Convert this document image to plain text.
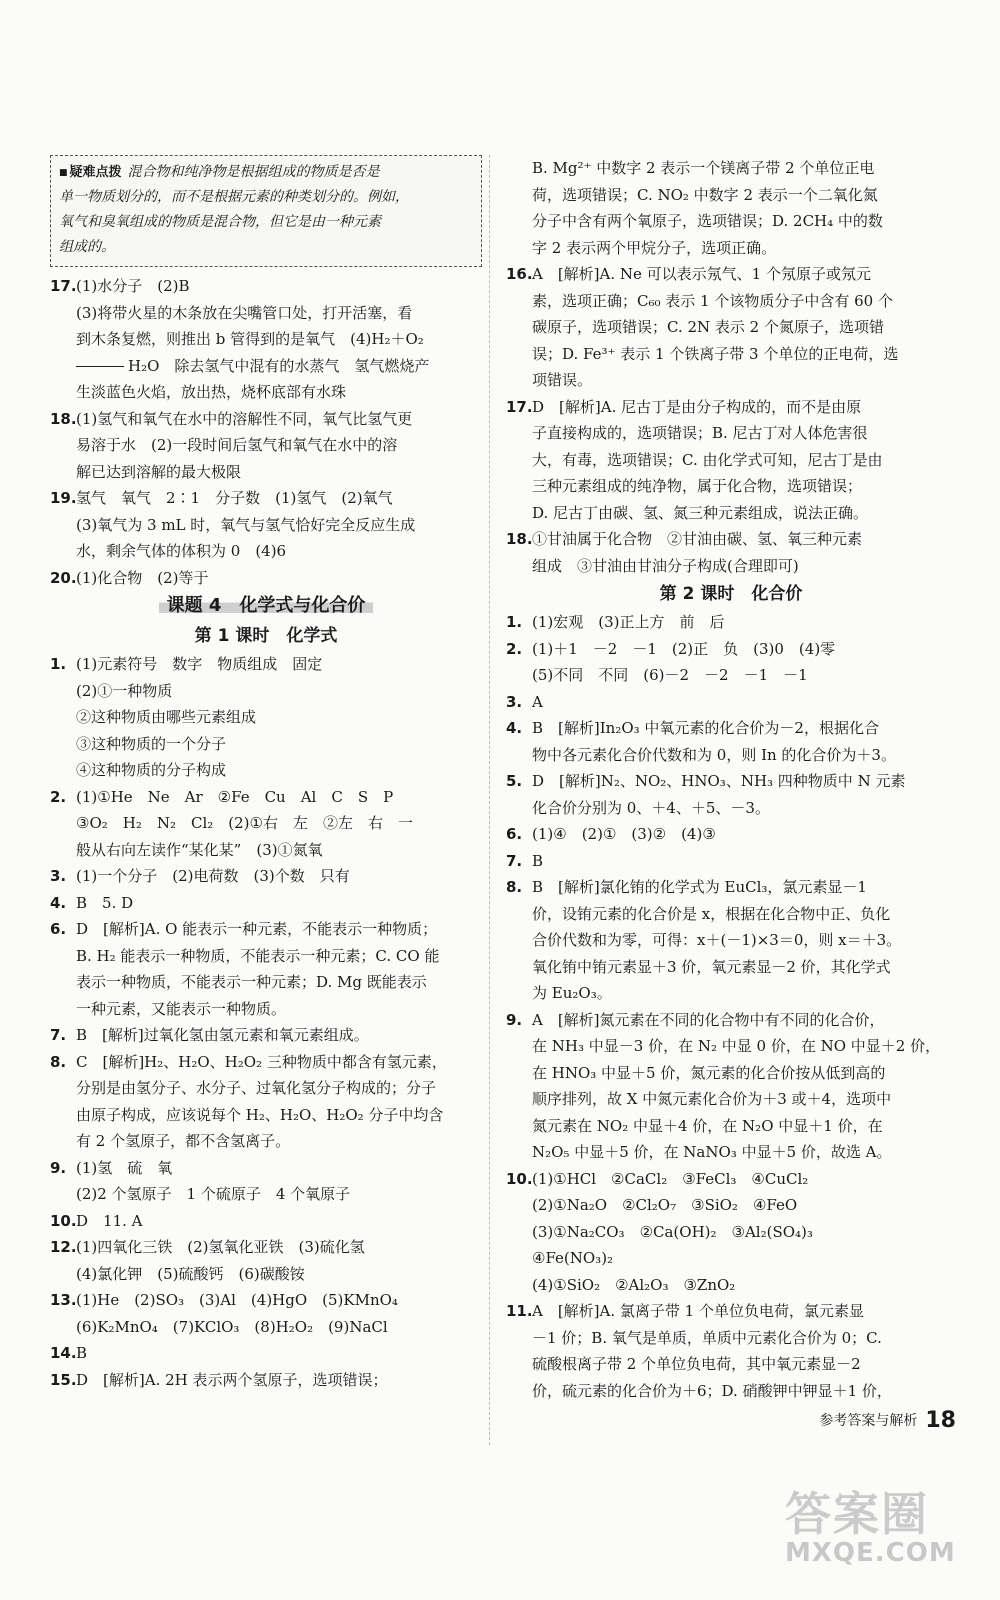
■ 疑难点拨 混合物和纯净物是根据组成的物质是否是
单一物质划分的，而不是根据元素的种类划分的。例如，
氧气和臭氧组成的物质是混合物，但它是由一种元素
组成的。
17.(1)水分子　(2)B
(3)将带火星的木条放在尖嘴管口处，打开活塞，看
到木条复燃，则推出 b 管得到的是氧气　(4)H₂＋O₂
H₂O　除去氢气中混有的水蒸气　氢气燃烧产
生淡蓝色火焰，放出热，烧杯底部有水珠
18.(1)氢气和氧气在水中的溶解性不同，氧气比氢气更
易溶于水　(2)一段时间后氢气和氧气在水中的溶
解已达到溶解的最大极限
19.氢气　氧气　2∶1　分子数　(1)氢气　(2)氧气
(3)氧气为 3 mL 时，氧气与氢气恰好完全反应生成
水，剩余气体的体积为 0　(4)6
20.(1)化合物　(2)等于
课题 4　化学式与化合价
第 1 课时　化学式
1. (1)元素符号　数字　物质组成　固定
(2)①一种物质
②这种物质由哪些元素组成
③这种物质的一个分子
④这种物质的分子构成
2. (1)①He　Ne　Ar　②Fe　Cu　Al　C　S　P
③O₂　H₂　N₂　Cl₂　(2)①右　左　②左　右　一
般从右向左读作“某化某”　(3)①氮氧
3. (1)一个分子　(2)电荷数　(3)个数　只有
4. B　5. D
6. D　[解析]A. O 能表示一种元素，不能表示一种物质；
B. H₂ 能表示一种物质，不能表示一种元素；C. CO 能
表示一种物质，不能表示一种元素；D. Mg 既能表示
一种元素，又能表示一种物质。
7. B　[解析]过氧化氢由氢元素和氧元素组成。
8. C　[解析]H₂、H₂O、H₂O₂ 三种物质中都含有氢元素，
分别是由氢分子、水分子、过氧化氢分子构成的；分子
由原子构成，应该说每个 H₂、H₂O、H₂O₂ 分子中均含
有 2 个氢原子，都不含氢离子。
9. (1)氢　硫　氧
(2)2 个氢原子　1 个硫原子　4 个氧原子
10.D　11. A
12.(1)四氧化三铁　(2)氢氧化亚铁　(3)硫化氢
(4)氯化钾　(5)硫酸钙　(6)碳酸铵
13.(1)He　(2)SO₃　(3)Al　(4)HgO　(5)KMnO₄
(6)K₂MnO₄　(7)KClO₃　(8)H₂O₂　(9)NaCl
14.B
15.D　[解析]A. 2H 表示两个氢原子，选项错误；
B. Mg²⁺ 中数字 2 表示一个镁离子带 2 个单位正电
荷，选项错误；C. NO₂ 中数字 2 表示一个二氧化氮
分子中含有两个氧原子，选项错误；D. 2CH₄ 中的数
字 2 表示两个甲烷分子，选项正确。
16.A　[解析]A. Ne 可以表示氖气、1 个氖原子或氖元
素，选项正确；C₆₀ 表示 1 个该物质分子中含有 60 个
碳原子，选项错误；C. 2N 表示 2 个氮原子，选项错
误；D. Fe³⁺ 表示 1 个铁离子带 3 个单位的正电荷，选
项错误。
17.D　[解析]A. 尼古丁是由分子构成的，而不是由原
子直接构成的，选项错误；B. 尼古丁对人体危害很
大，有毒，选项错误；C. 由化学式可知，尼古丁是由
三种元素组成的纯净物，属于化合物，选项错误；
D. 尼古丁由碳、氢、氮三种元素组成，说法正确。
18.①甘油属于化合物　②甘油由碳、氢、氧三种元素
组成　③甘油由甘油分子构成(合理即可)
第 2 课时　化合价
1. (1)宏观　(3)正上方　前　后
2. (1)＋1　－2　－1　(2)正　负　(3)0　(4)零
(5)不同　不同　(6)－2　－2　－1　－1
3. A
4. B　[解析]In₂O₃ 中氧元素的化合价为－2，根据化合
物中各元素化合价代数和为 0，则 In 的化合价为＋3。
5. D　[解析]N₂、NO₂、HNO₃、NH₃ 四种物质中 N 元素
化合价分别为 0、＋4、＋5、－3。
6. (1)④　(2)①　(3)②　(4)③
7. B
8. B　[解析]氯化铕的化学式为 EuCl₃，氯元素显－1
价，设铕元素的化合价是 x，根据在化合物中正、负化
合价代数和为零，可得：x＋(－1)×3＝0，则 x＝＋3。
氧化铕中铕元素显＋3 价，氧元素显－2 价，其化学式
为 Eu₂O₃。
9. A　[解析]氮元素在不同的化合物中有不同的化合价，
在 NH₃ 中显－3 价，在 N₂ 中显 0 价，在 NO 中显＋2 价，
在 HNO₃ 中显＋5 价，氮元素的化合价按从低到高的
顺序排列，故 X 中氮元素化合价为＋3 或＋4，选项中
氮元素在 NO₂ 中显＋4 价，在 N₂O 中显＋1 价，在
N₂O₅ 中显＋5 价，在 NaNO₃ 中显＋5 价，故选 A。
10.(1)①HCl　②CaCl₂　③FeCl₃　④CuCl₂
(2)①Na₂O　②Cl₂O₇　③SiO₂　④FeO
(3)①Na₂CO₃　②Ca(OH)₂　③Al₂(SO₄)₃
④Fe(NO₃)₂
(4)①SiO₂　②Al₂O₃　③ZnO₂
11.A　[解析]A. 氯离子带 1 个单位负电荷，氯元素显
－1 价；B. 氧气是单质，单质中元素化合价为 0；C.
硫酸根离子带 2 个单位负电荷，其中氧元素显－2
价，硫元素的化合价为＋6；D. 硝酸钾中钾显＋1 价，
参考答案与解析 18
答案圈
MXQE.COM
